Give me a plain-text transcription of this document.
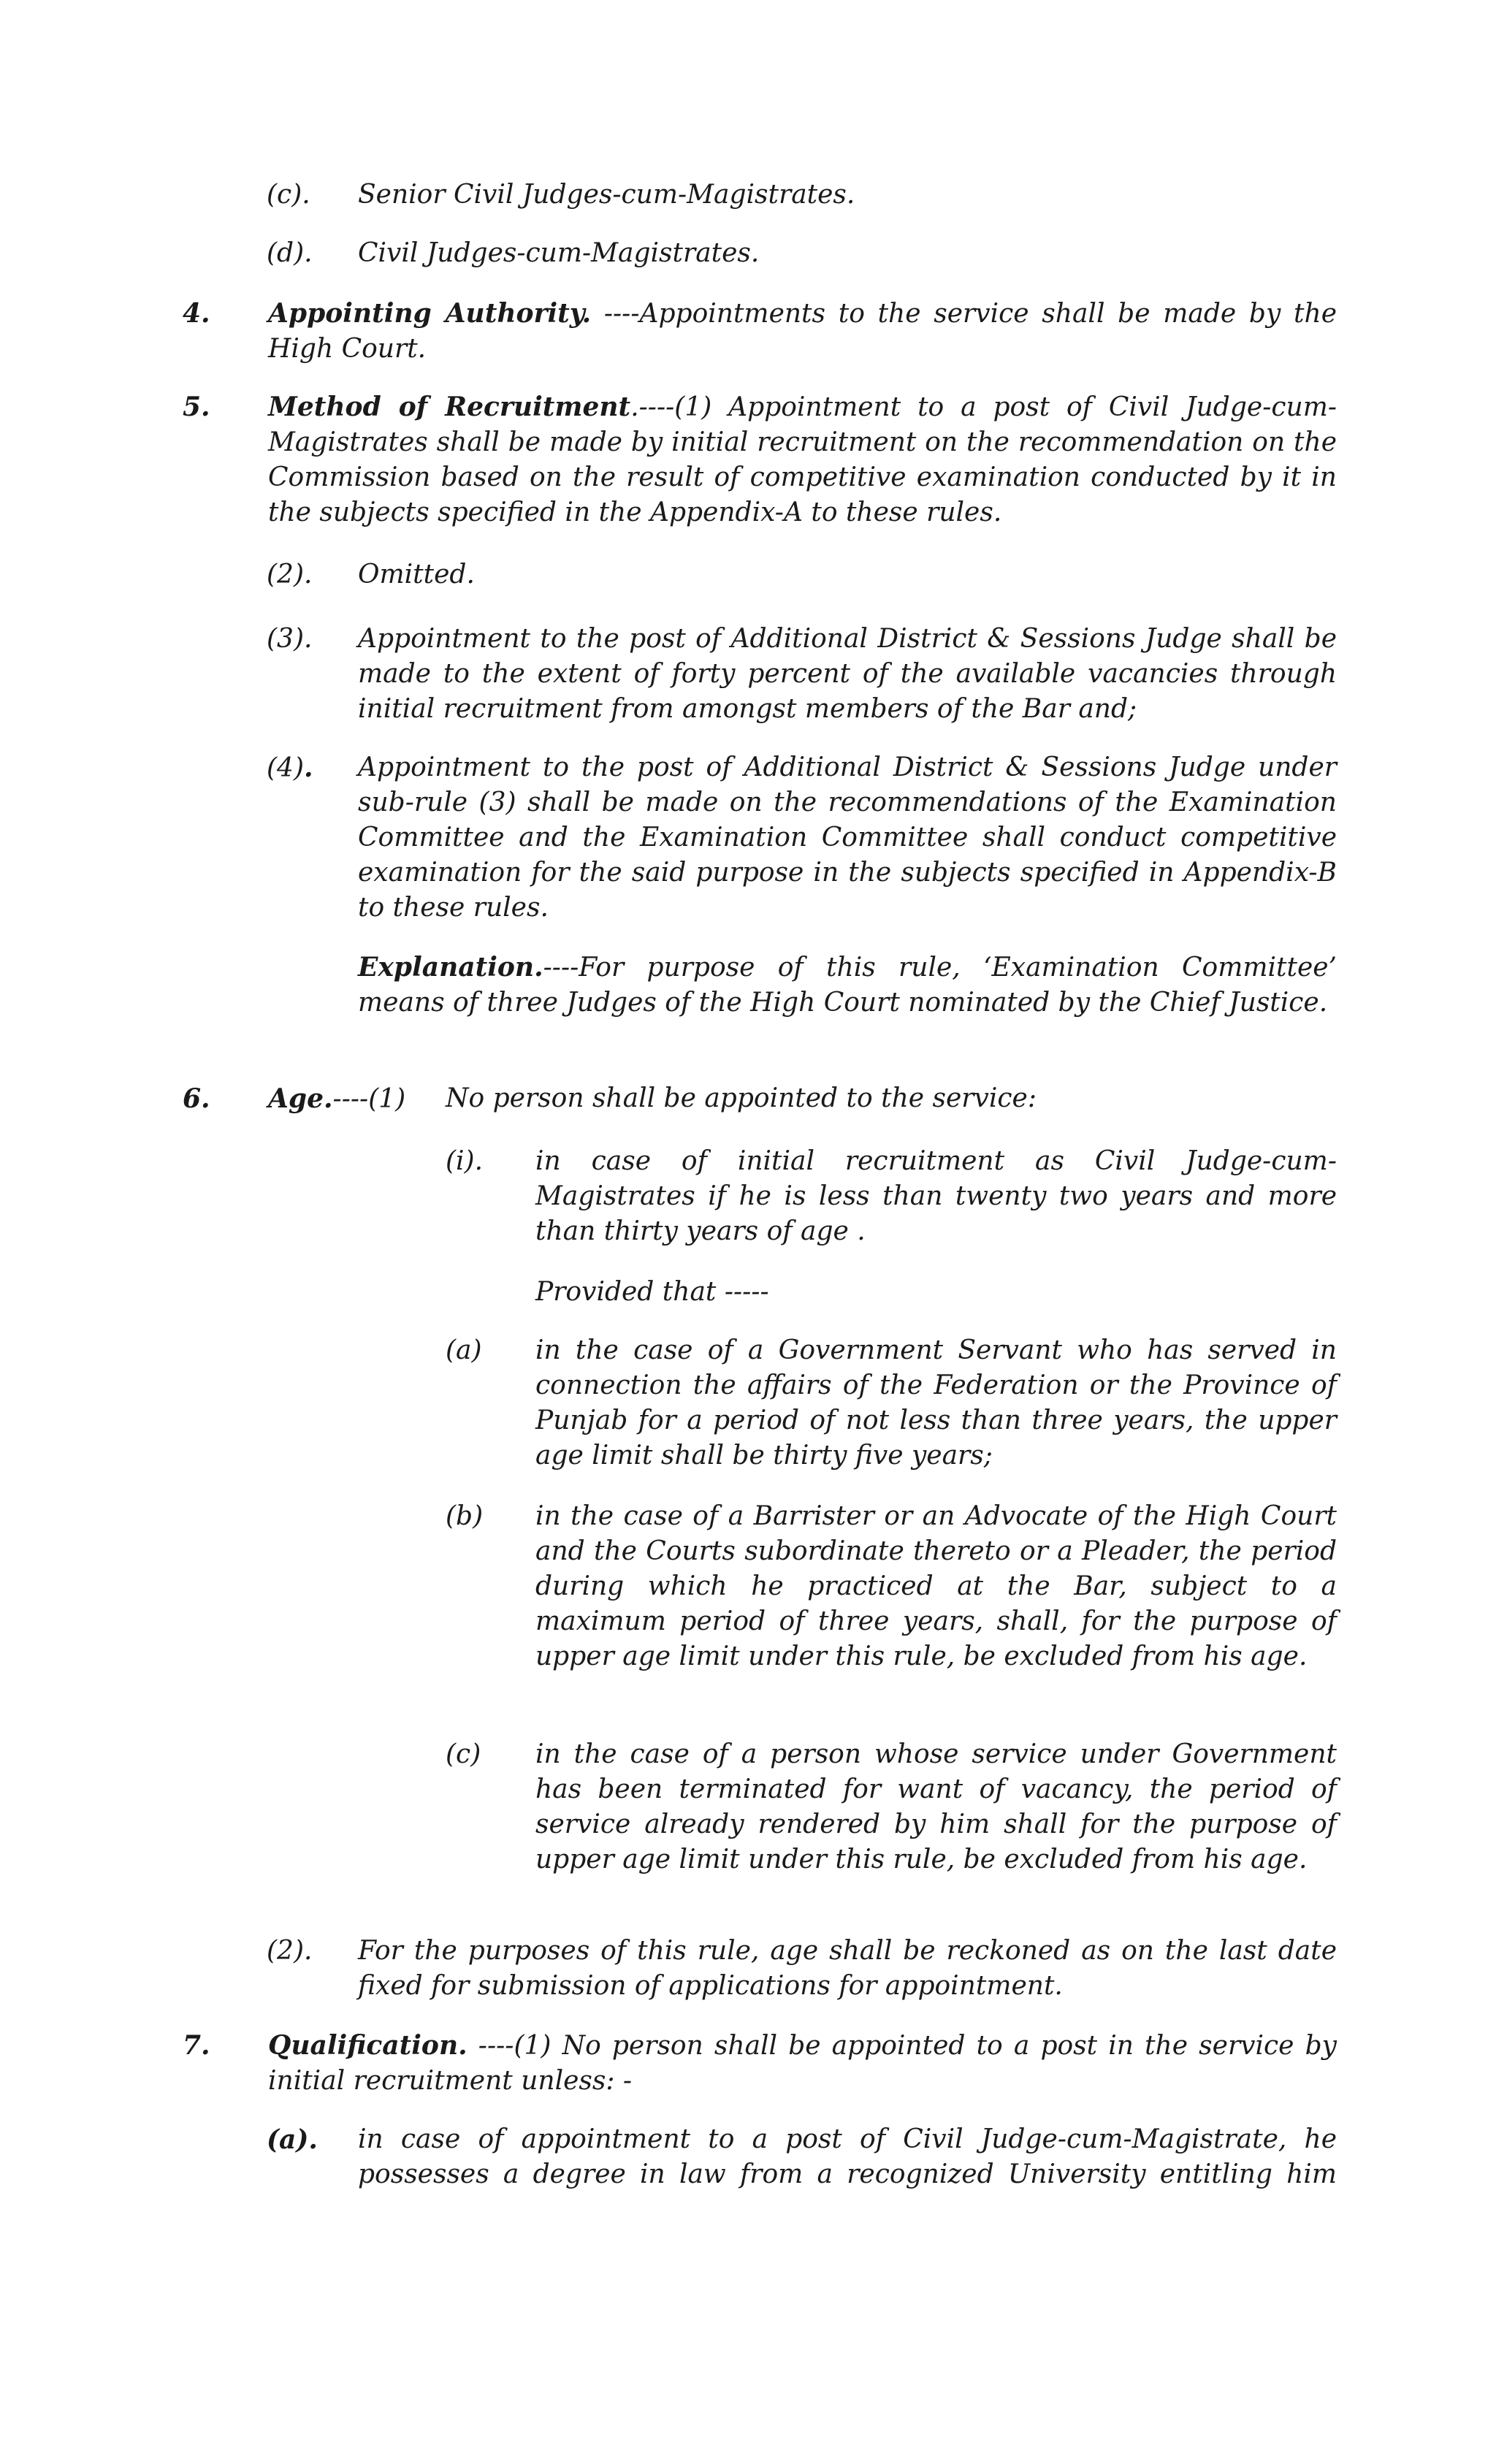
(c). Senior Civil Judges-cum-Magistrates.
(d). Civil Judges-cum-Magistrates.
4. Appointing Authority. ----Appointments to the service shall be made by the High Court.
5. Method of Recruitment.----(1) Appointment to a post of Civil Judge-cum-Magistrates shall be made by initial recruitment on the recommendation on the Commission based on the result of competitive examination conducted by it in the subjects specified in the Appendix-A to these rules.
(2). Omitted.
(3). Appointment to the post of Additional District & Sessions Judge shall be made to the extent of forty percent of the available vacancies through initial recruitment from amongst members of the Bar and;
(4). Appointment to the post of Additional District & Sessions Judge under sub-rule (3) shall be made on the recommendations of the Examination Committee and the Examination Committee shall conduct competitive examination for the said purpose in the subjects specified in Appendix-B to these rules.
Explanation.----For purpose of this rule, ‘Examination Committee’ means of three Judges of the High Court nominated by the Chief Justice.
6. Age.----(1) No person shall be appointed to the service:
(i). in case of initial recruitment as Civil Judge-cum-Magistrates if he is less than twenty two years and more than thirty years of age .
Provided that -----
(a) in the case of a Government Servant who has served in connection the affairs of the Federation or the Province of Punjab for a period of not less than three years, the upper age limit shall be thirty five years;
(b) in the case of a Barrister or an Advocate of the High Court and the Courts subordinate thereto or a Pleader, the period during which he practiced at the Bar, subject to a maximum period of three years, shall, for the purpose of upper age limit under this rule, be excluded from his age.
(c) in the case of a person whose service under Government has been terminated for want of vacancy, the period of service already rendered by him shall for the purpose of upper age limit under this rule, be excluded from his age.
(2). For the purposes of this rule, age shall be reckoned as on the last date fixed for submission of applications for appointment.
7. Qualification. ----(1) No person shall be appointed to a post in the service by initial recruitment unless: -
(a). in case of appointment to a post of Civil Judge-cum-Magistrate, he possesses a degree in law from a recognized University entitling him
